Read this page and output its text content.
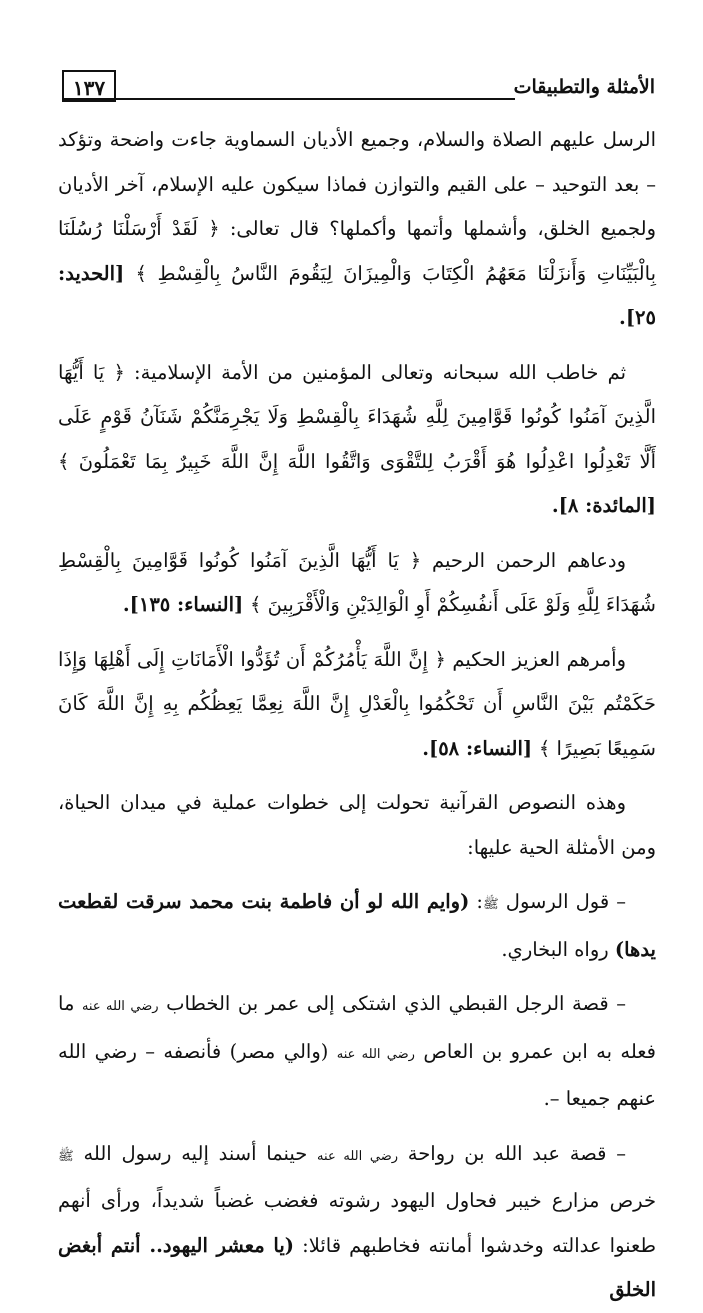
١٣٧	الأمثلة والتطبيقات

الرسل عليهم الصلاة والسلام، وجميع الأديان السماوية جاءت واضحة وتؤكد – بعد التوحيد – على القيم والتوازن فماذا سيكون عليه الإسلام، آخر الأديان ولجميع الخلق، وأشملها وأتمها وأكملها؟ قال تعالى: ﴿ لَقَدْ أَرْسَلْنَا رُسُلَنَا بِالْبَيِّنَاتِ وَأَنزَلْنَا مَعَهُمُ الْكِتَابَ وَالْمِيزَانَ لِيَقُومَ النَّاسُ بِالْقِسْطِ ﴾ [الحديد: ٢٥].

ثم خاطب الله سبحانه وتعالى المؤمنين من الأمة الإسلامية: ﴿ يَا أَيُّهَا الَّذِينَ آمَنُوا كُونُوا قَوَّامِينَ لِلَّهِ شُهَدَاءَ بِالْقِسْطِ وَلَا يَجْرِمَنَّكُمْ شَنَآنُ قَوْمٍ عَلَى أَلَّا تَعْدِلُوا اعْدِلُوا هُوَ أَقْرَبُ لِلتَّقْوَى وَاتَّقُوا اللَّهَ إِنَّ اللَّهَ خَبِيرٌ بِمَا تَعْمَلُونَ ﴾ [المائدة: ٨].

ودعاهم الرحمن الرحيم ﴿ يَا أَيُّهَا الَّذِينَ آمَنُوا كُونُوا قَوَّامِينَ بِالْقِسْطِ شُهَدَاءَ لِلَّهِ وَلَوْ عَلَى أَنفُسِكُمْ أَوِ الْوَالِدَيْنِ وَالْأَقْرَبِينَ ﴾ [النساء: ١٣٥].

وأمرهم العزيز الحكيم ﴿ إِنَّ اللَّهَ يَأْمُرُكُمْ أَن تُؤَدُّوا الْأَمَانَاتِ إِلَى أَهْلِهَا وَإِذَا حَكَمْتُم بَيْنَ النَّاسِ أَن تَحْكُمُوا بِالْعَدْلِ إِنَّ اللَّهَ نِعِمَّا يَعِظُكُم بِهِ إِنَّ اللَّهَ كَانَ سَمِيعًا بَصِيرًا ﴾ [النساء: ٥٨].

وهذه النصوص القرآنية تحولت إلى خطوات عملية في ميدان الحياة، ومن الأمثلة الحية عليها:

– قول الرسول ﷺ: (وايم الله لو أن فاطمة بنت محمد سرقت لقطعت يدها) رواه البخاري.

– قصة الرجل القبطي الذي اشتكى إلى عمر بن الخطاب رضي الله عنه ما فعله به ابن عمرو بن العاص رضي الله عنه (والي مصر) فأنصفه – رضي الله عنهم جميعا –.

– قصة عبد الله بن رواحة رضي الله عنه حينما أسند إليه رسول الله ﷺ خرص مزارع خيبر فحاول اليهود رشوته فغضب غضباً شديداً، ورأى أنهم طعنوا عدالته وخدشوا أمانته فخاطبهم قائلا: (يا معشر اليهود.. أنتم أبغض الخلق
